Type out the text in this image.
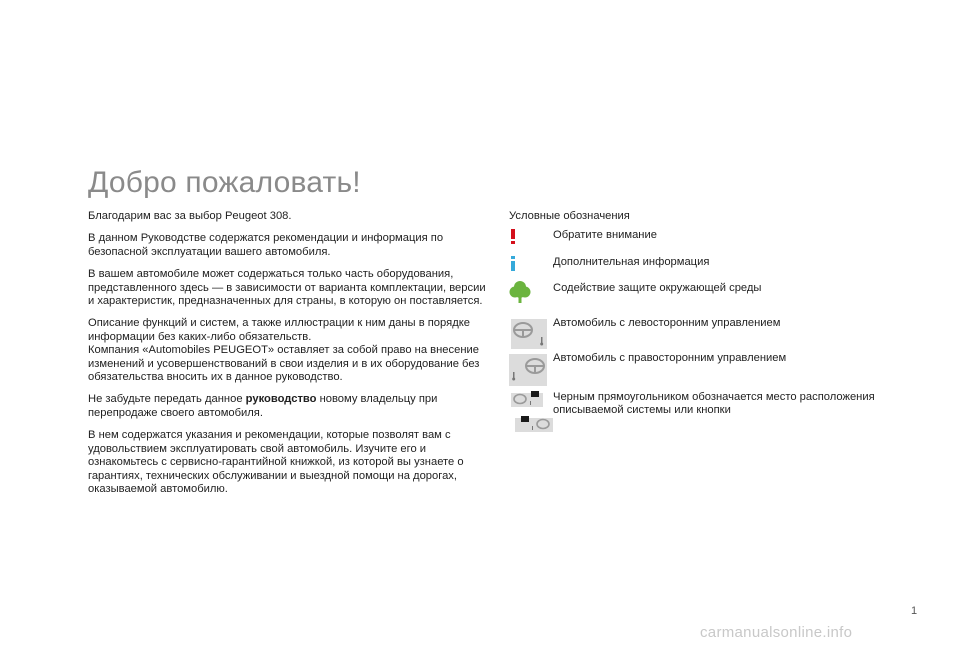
Добро пожаловать!

Благодарим вас за выбор Peugeot 308.

В данном Руководстве содержатся рекомендации и информация по безопасной эксплуатации вашего автомобиля.

В вашем автомобиле может содержаться только часть оборудования, представленного здесь — в зависимости от варианта комплектации, версии и характеристик, предназначенных для страны, в которую он поставляется.

Описание функций и систем, а также иллюстрации к ним даны в порядке информации без каких-либо обязательств.
Компания «Automobiles PEUGEOT» оставляет за собой право на внесение изменений и усовершенствований в свои изделия и в их оборудование без обязательства вносить их в данное руководство.

Не забудьте передать данное руководство новому владельцу при перепродаже своего автомобиля.

В нем содержатся указания и рекомендации, которые позволят вам с удовольствием эксплуатировать свой автомобиль. Изучите его и ознакомьтесь с сервисно-гарантийной книжкой, из которой вы узнаете о гарантиях, технических обслуживании и выездной помощи на дорогах, оказываемой автомобилю.

Условные обозначения

Обратите внимание
Дополнительная информация
Содействие защите окружающей среды
Автомобиль с левосторонним управлением
Автомобиль с правосторонним управлением
Черным прямоугольником обозначается место расположения описываемой системы или кнопки
1
carmanualsonline.info
